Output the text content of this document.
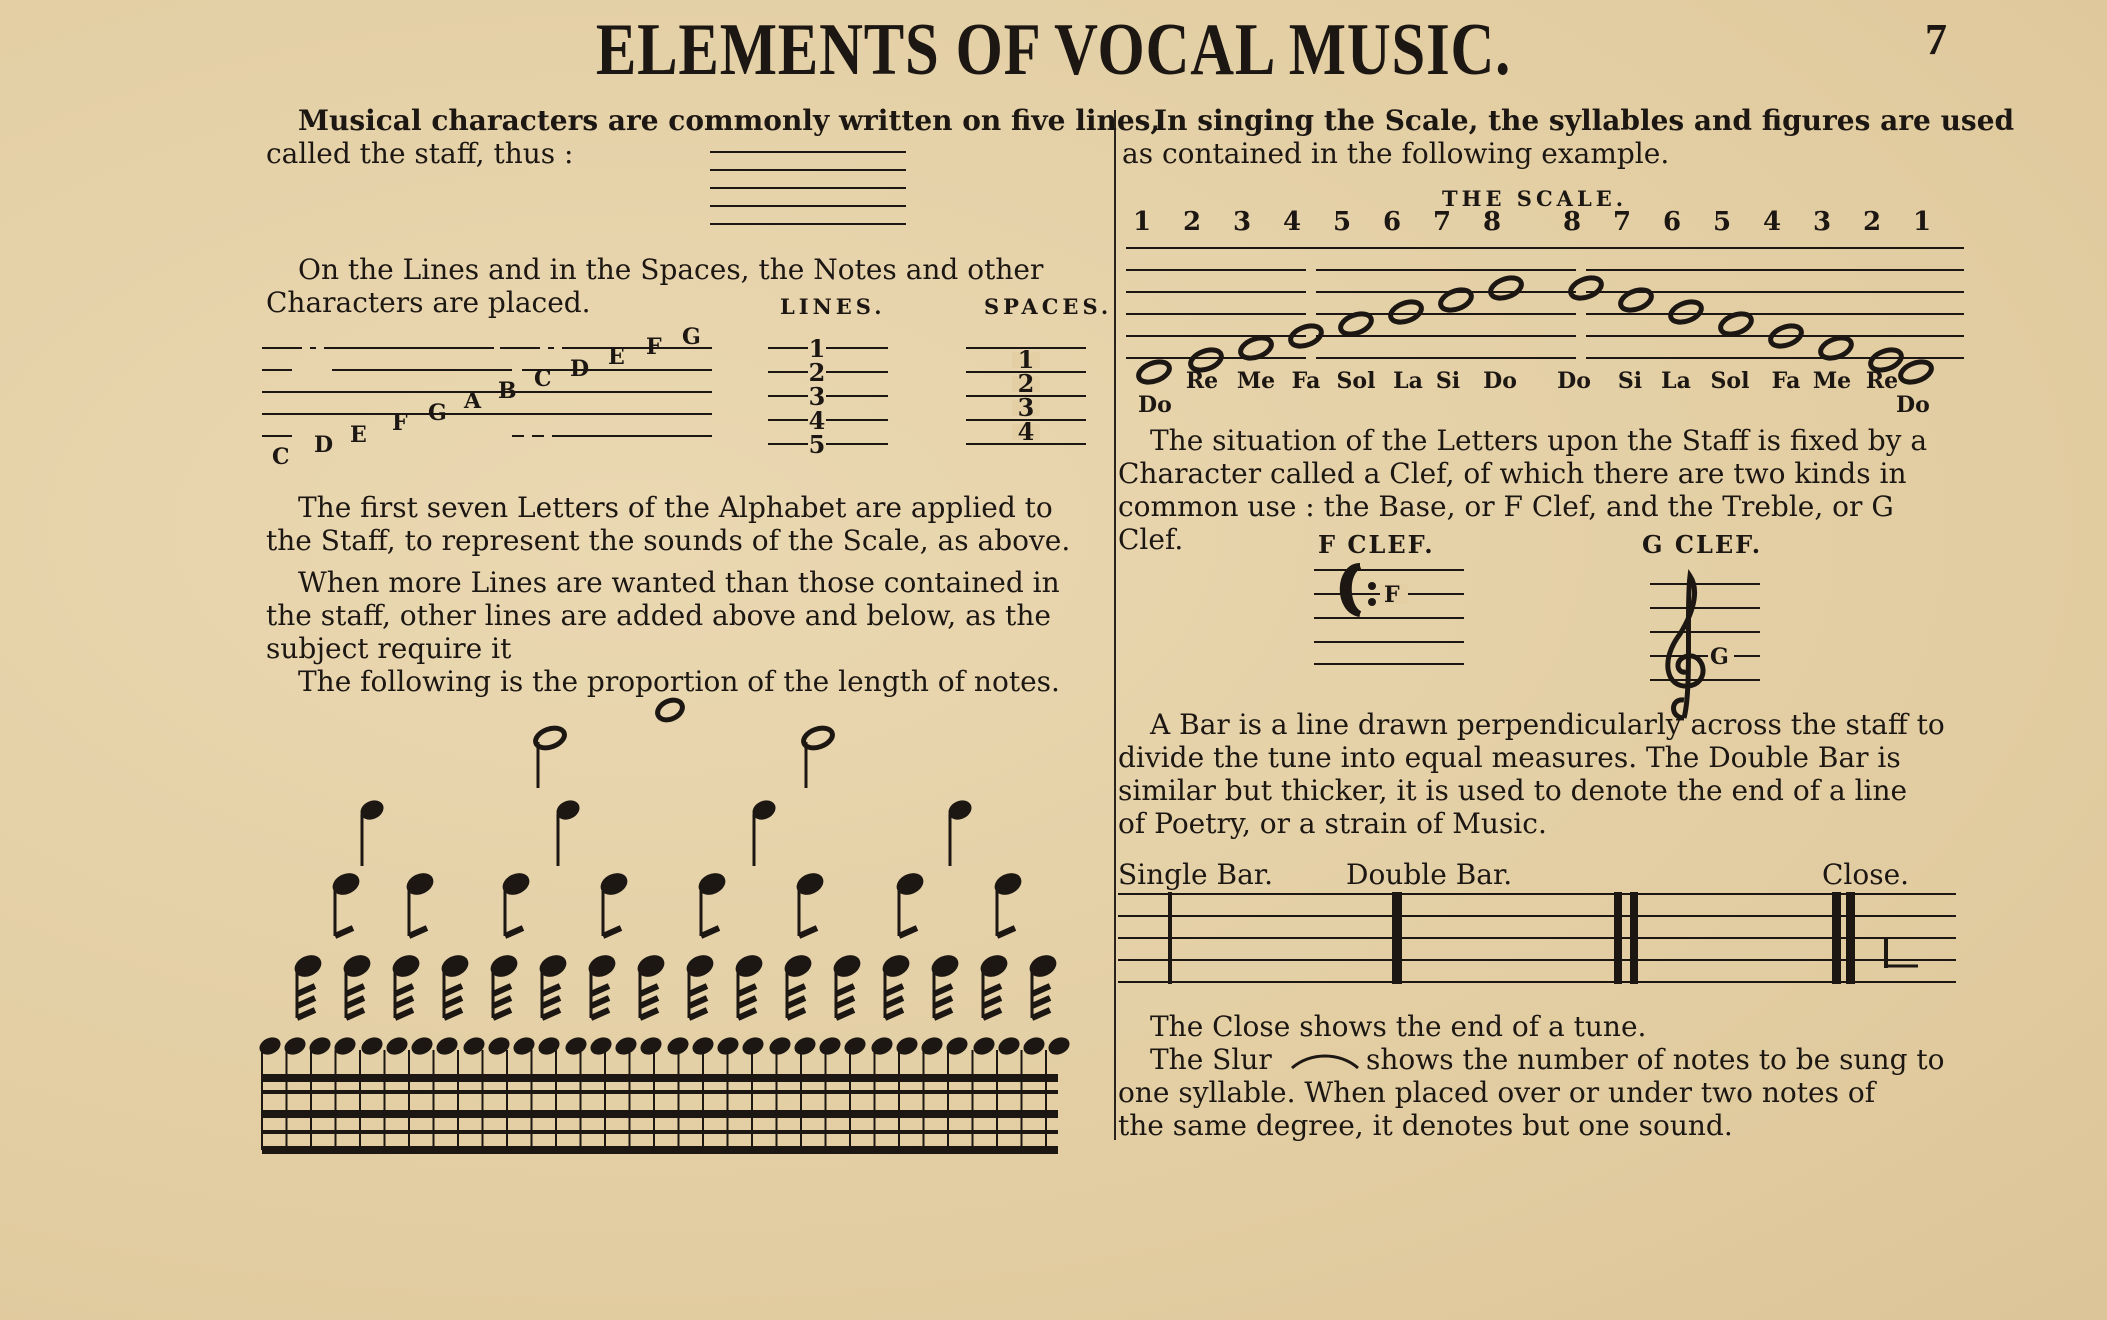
ELEMENTS OF VOCAL MUSIC.	7
Musical characters are commonly written on five lines,
called the staff, thus :
On the Lines and in the Spaces, the Notes and other
Characters are placed.	LINES.	SPACES.
C D E F G A B C D E F G	1
2
3
4
5
1
2
3
4
The first seven Letters of the Alphabet are applied to
the Staff, to represent the sounds of the Scale, as above.
When more Lines are wanted than those contained in
the staff, other lines are added above and below, as the
subject require it
The following is the proportion of the length of notes.
In singing the Scale, the syllables and figures are used
as contained in the following example.
THE SCALE.
1 2 3 4 5 6 7 8 8 7 6 5 4 3 2 1
Re Me Fa Sol La Si Do Do Si La Sol Fa Me Re
Do	Do
The situation of the Letters upon the Staff is fixed by a
Character called a Clef, of which there are two kinds in
common use : the Base, or F Clef, and the Treble, or G
Clef.	F CLEF.	G CLEF.
F
G
A Bar is a line drawn perpendicularly across the staff to
divide the tune into equal measures. The Double Bar is
similar but thicker, it is used to denote the end of a line
of Poetry, or a strain of Music.
Single Bar.	Double Bar.	Close.
The Close shows the end of a tune.
The Slur	shows the number of notes to be sung to
one syllable. When placed over or under two notes of
the same degree, it denotes but one sound.
